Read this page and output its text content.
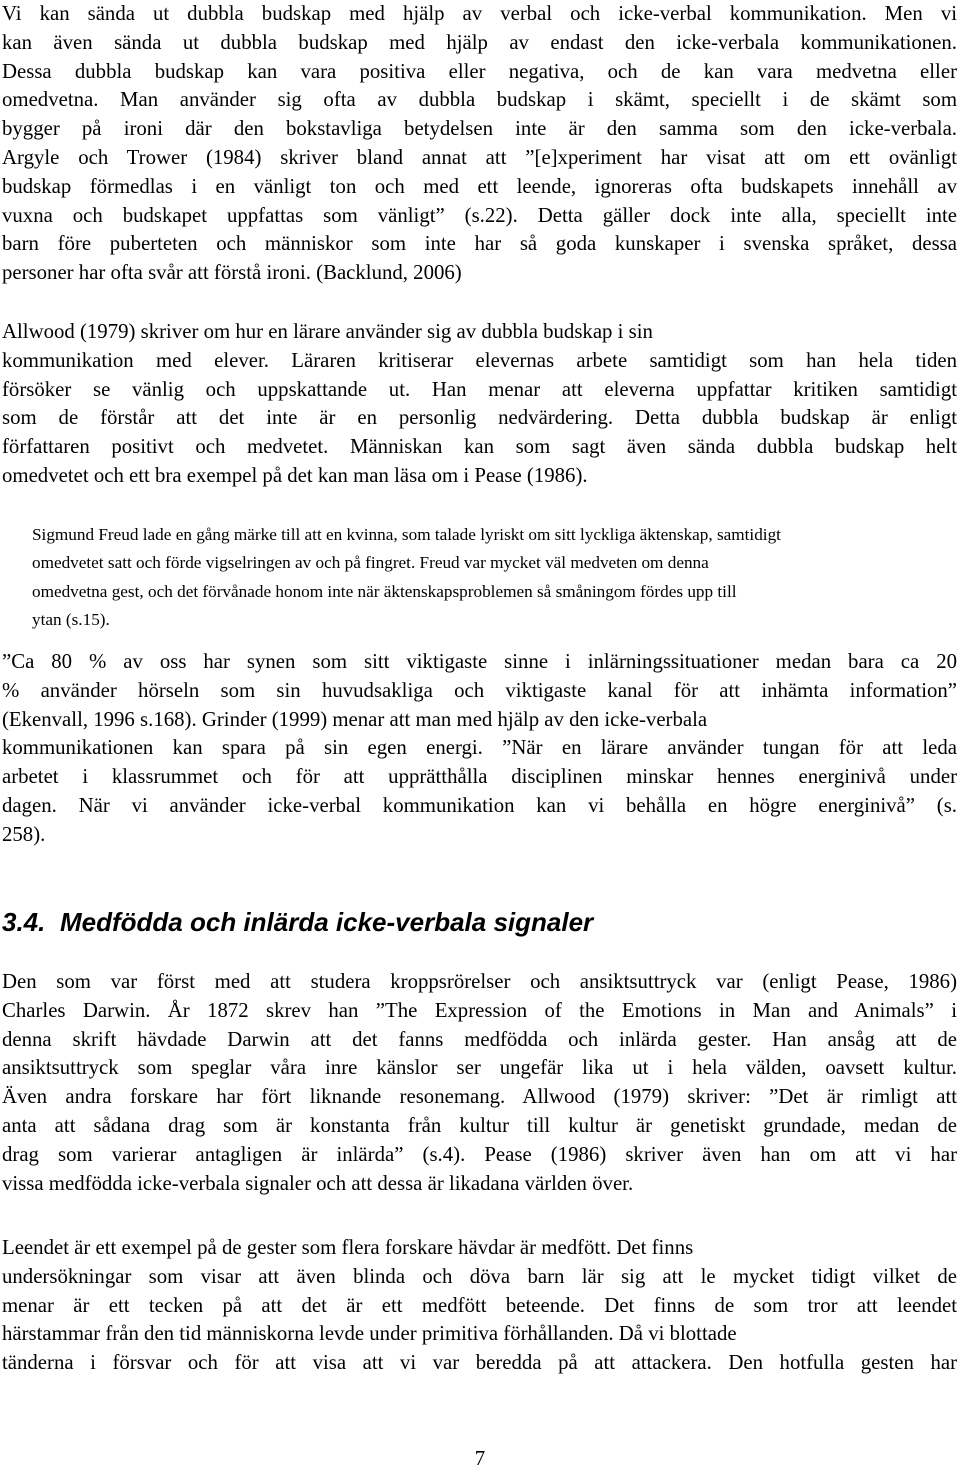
Vi kan sända ut dubbla budskap med hjälp av verbal och icke-verbal kommunikation. Men vi
kan även sända ut dubbla budskap med hjälp av endast den icke-verbala kommunikationen.
Dessa dubbla budskap kan vara positiva eller negativa, och de kan vara medvetna eller
omedvetna. Man använder sig ofta av dubbla budskap i skämt, speciellt i de skämt som
bygger på ironi där den bokstavliga betydelsen inte är den samma som den icke-verbala.
Argyle och Trower (1984) skriver bland annat att ”[e]xperiment har visat att om ett ovänligt
budskap förmedlas i en vänligt ton och med ett leende, ignoreras ofta budskapets innehåll av
vuxna och budskapet uppfattas som vänligt” (s.22). Detta gäller dock inte alla, speciellt inte
barn före puberteten och människor som inte har så goda kunskaper i svenska språket, dessa
personer har ofta svår att förstå ironi. (Backlund, 2006)
Allwood (1979) skriver om hur en lärare använder sig av dubbla budskap i sin
kommunikation med elever. Läraren kritiserar elevernas arbete samtidigt som han hela tiden
försöker se vänlig och uppskattande ut. Han menar att eleverna uppfattar kritiken samtidigt
som de förstår att det inte är en personlig nedvärdering. Detta dubbla budskap är enligt
författaren positivt och medvetet. Människan kan som sagt även sända dubbla budskap helt
omedvetet och ett bra exempel på det kan man läsa om i Pease (1986).
Sigmund Freud lade en gång märke till att en kvinna, som talade lyriskt om sitt lyckliga äktenskap, samtidigt
omedvetet satt och förde vigselringen av och på fingret. Freud var mycket väl medveten om denna
omedvetna gest, och det förvånade honom inte när äktenskapsproblemen så småningom fördes upp till
ytan (s.15).
”Ca 80 % av oss har synen som sitt viktigaste sinne i inlärningssituationer medan bara ca 20
% använder hörseln som sin huvudsakliga och viktigaste kanal för att inhämta information”
(Ekenvall, 1996 s.168). Grinder (1999) menar att man med hjälp av den icke-verbala
kommunikationen kan spara på sin egen energi. ”När en lärare använder tungan för att leda
arbetet i klassrummet och för att upprätthålla disciplinen minskar hennes energinivå under
dagen. När vi använder icke-verbal kommunikation kan vi behålla en högre energinivå” (s.
258).
3.4. Medfödda och inlärda icke-verbala signaler
Den som var först med att studera kroppsrörelser och ansiktsuttryck var (enligt Pease, 1986)
Charles Darwin. År 1872 skrev han ”The Expression of the Emotions in Man and Animals” i
denna skrift hävdade Darwin att det fanns medfödda och inlärda gester. Han ansåg att de
ansiktsuttryck som speglar våra inre känslor ser ungefär lika ut i hela välden, oavsett kultur.
Även andra forskare har fört liknande resonemang. Allwood (1979) skriver: ”Det är rimligt att
anta att sådana drag som är konstanta från kultur till kultur är genetiskt grundade, medan de
drag som varierar antagligen är inlärda” (s.4). Pease (1986) skriver även han om att vi har
vissa medfödda icke-verbala signaler och att dessa är likadana världen över.
Leendet är ett exempel på de gester som flera forskare hävdar är medfött. Det finns
undersökningar som visar att även blinda och döva barn lär sig att le mycket tidigt vilket de
menar är ett tecken på att det är ett medfött beteende. Det finns de som tror att leendet
härstammar från den tid människorna levde under primitiva förhållanden. Då vi blottade
tänderna i försvar och för att visa att vi var beredda på att attackera. Den hotfulla gesten har
7
